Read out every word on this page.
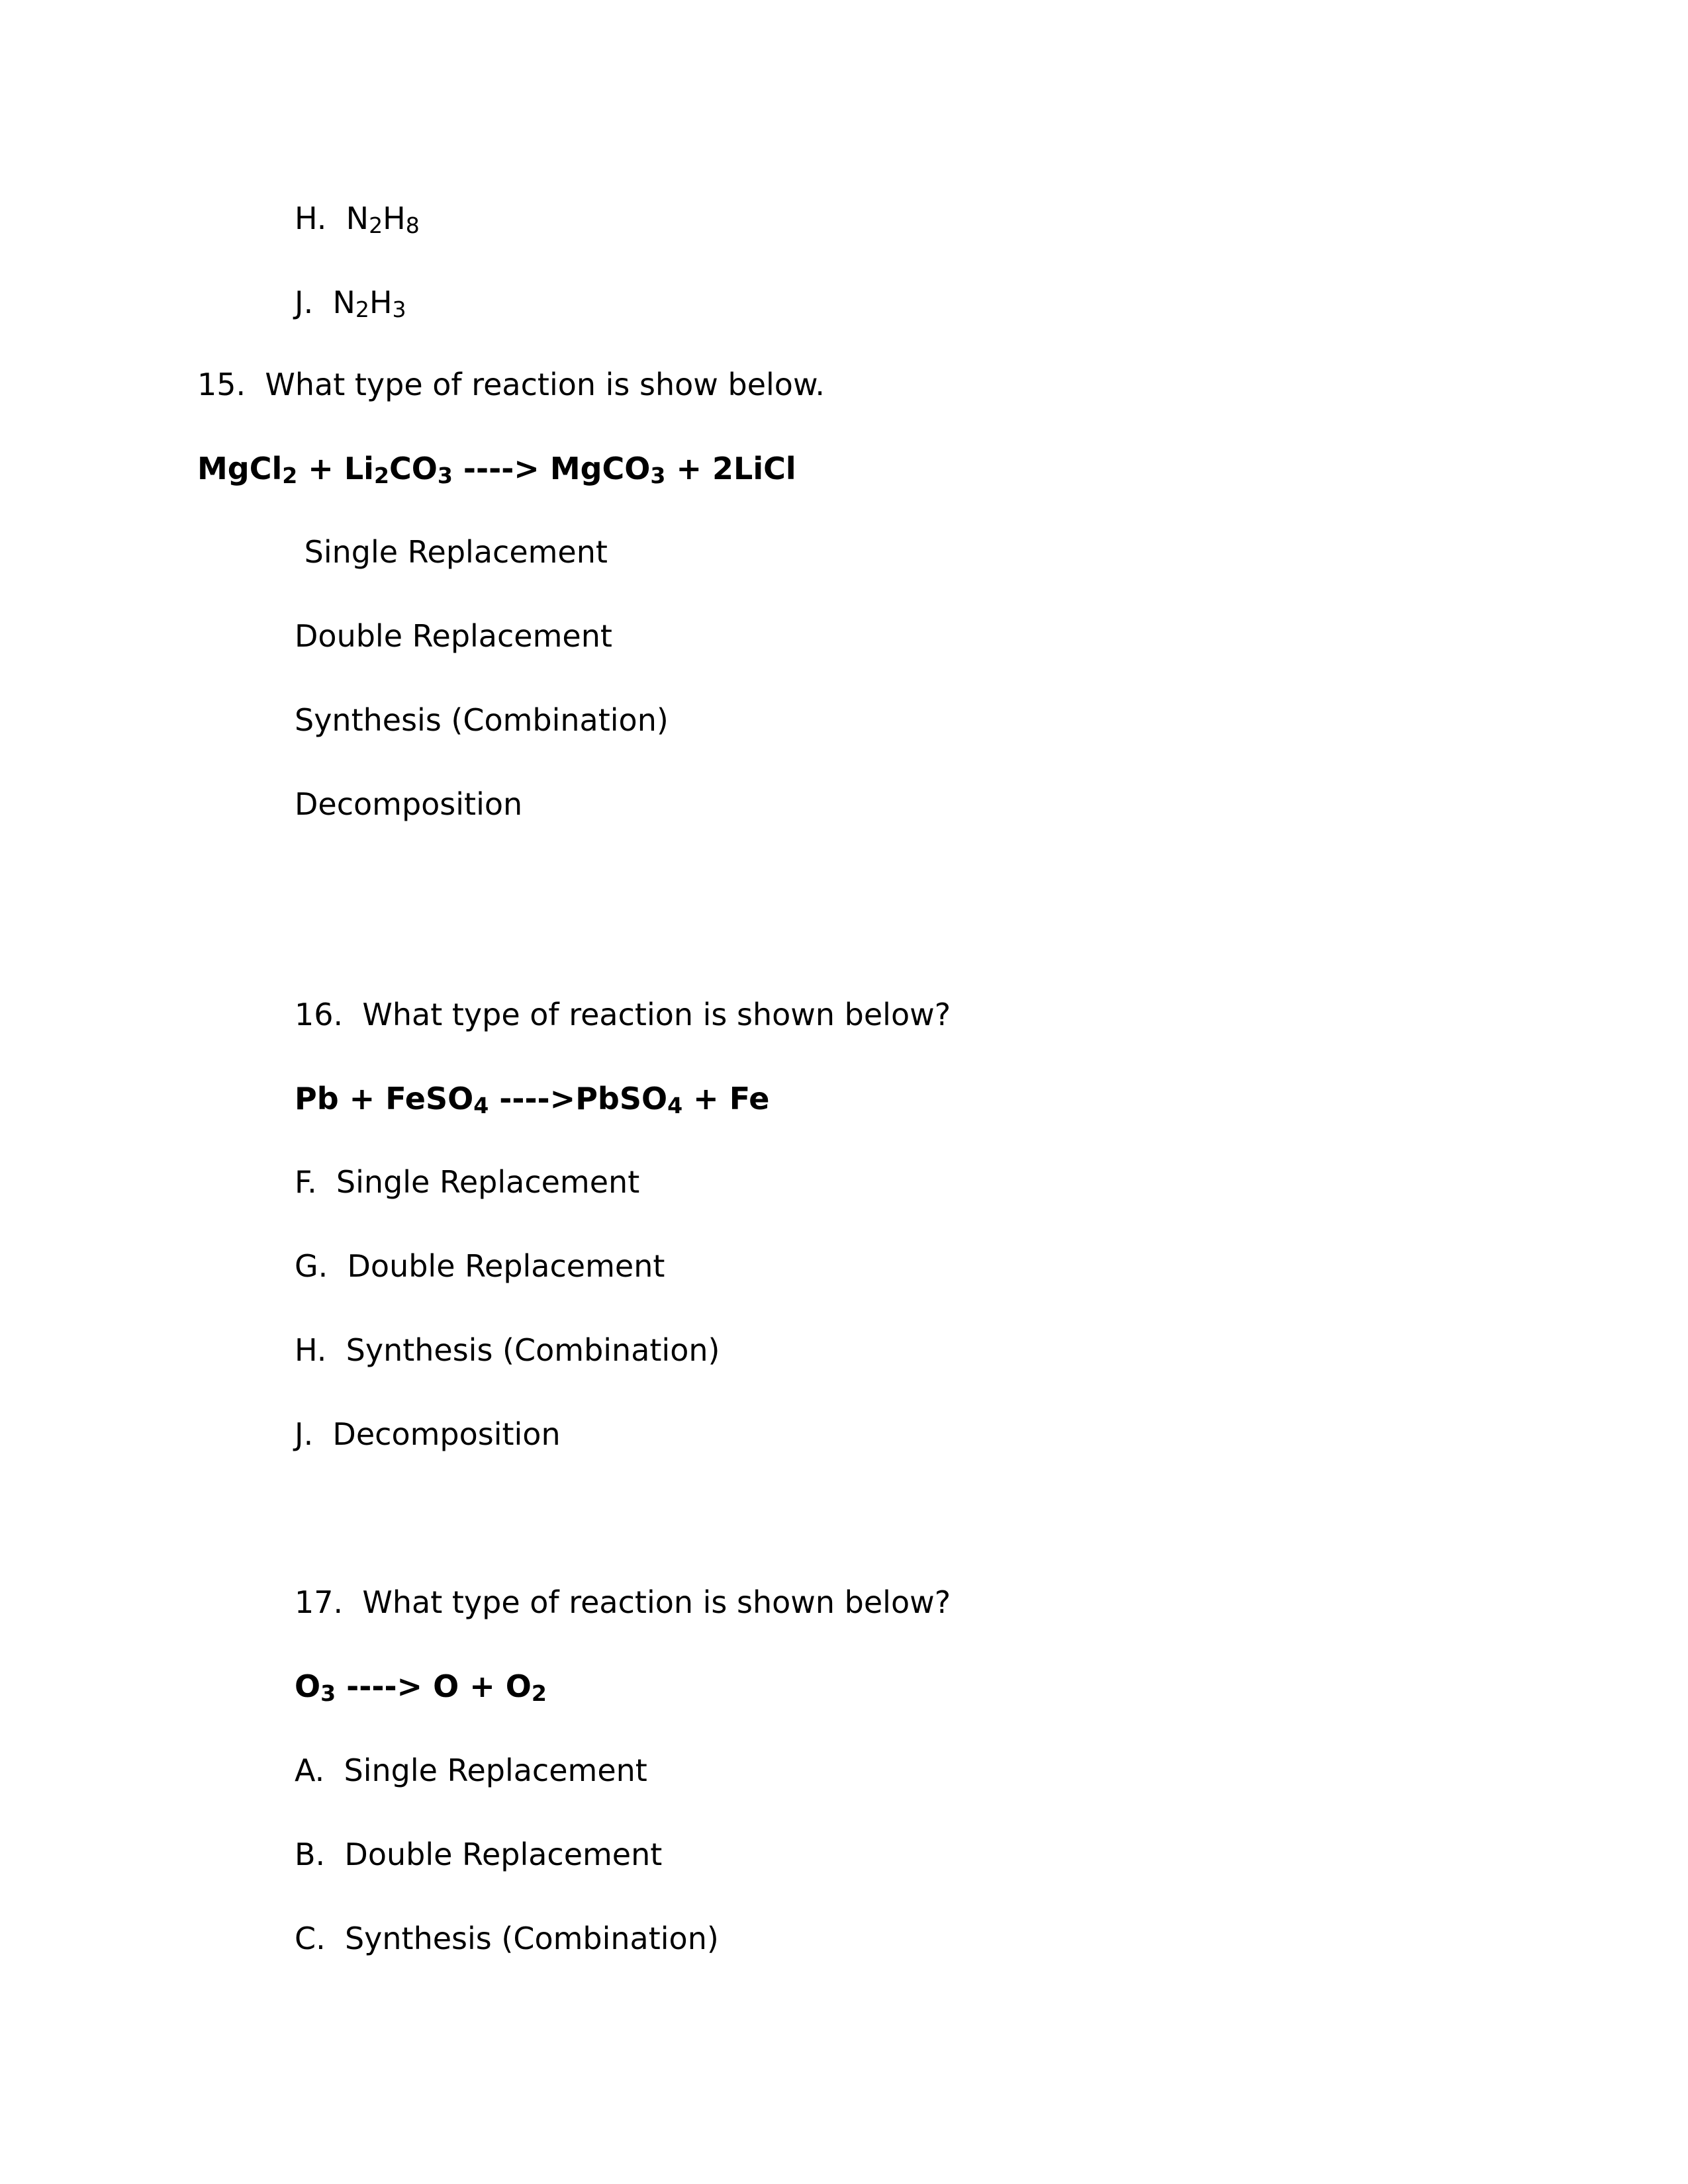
H. N2H8
J. N2H3
15.  What type of reaction is show below.
MgCl2 + Li2CO3 ----> MgCO3 + 2LiCl
Single Replacement
Double Replacement
Synthesis (Combination)
Decomposition
16.  What type of reaction is shown below?
Pb + FeSO4 ---->PbSO4 + Fe
F.  Single Replacement
G.  Double Replacement
H.  Synthesis (Combination)
J.  Decomposition
17.  What type of reaction is shown below?
O3 ----> O + O2
A.  Single Replacement
B.  Double Replacement
C.  Synthesis (Combination)
